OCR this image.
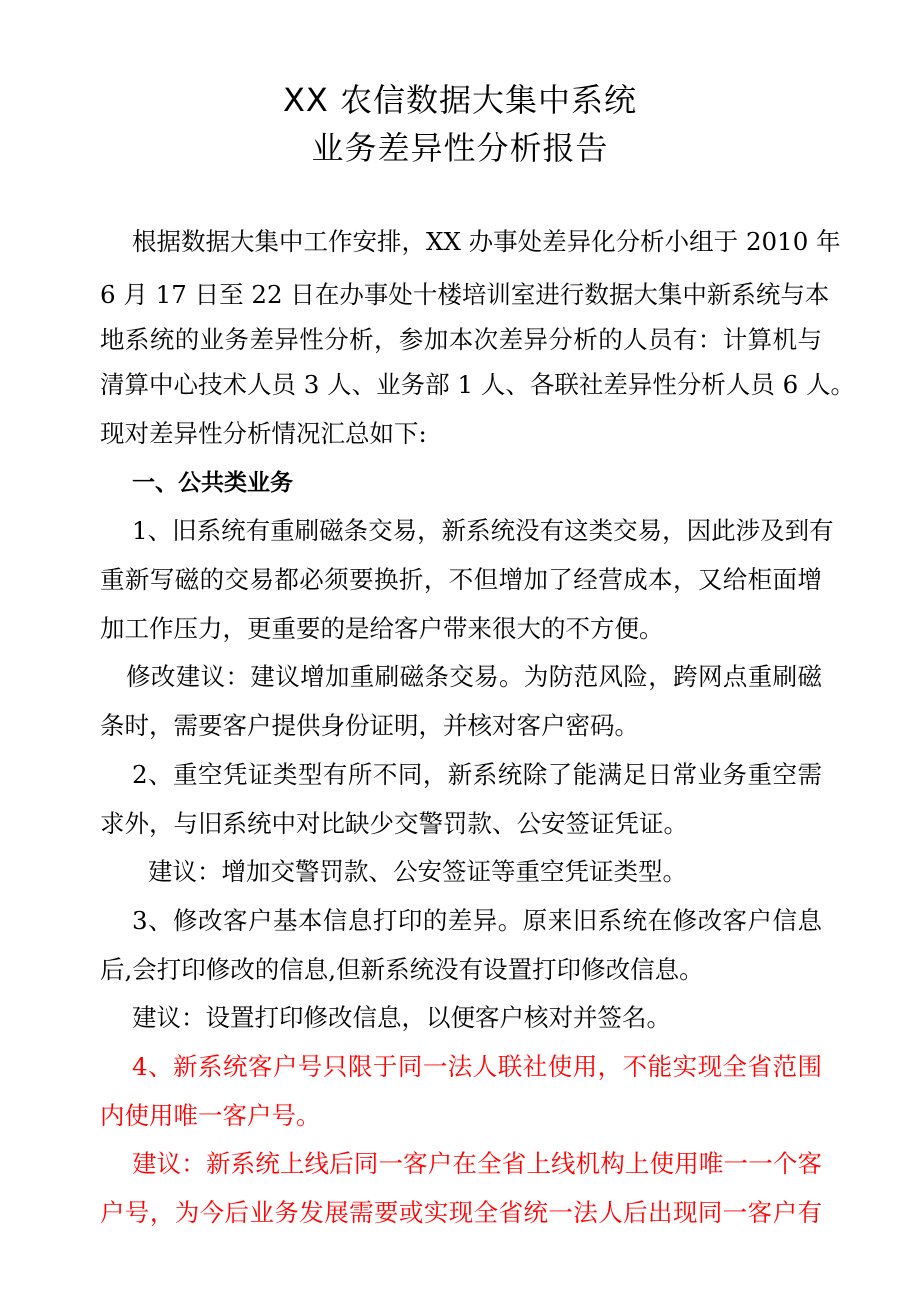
XX 农信数据大集中系统
业务差异性分析报告
根据数据大集中工作安排，XX 办事处差异化分析小组于 2010 年
6 月 17 日至 22 日在办事处十楼培训室进行数据大集中新系统与本
地系统的业务差异性分析，参加本次差异分析的人员有：计算机与
清算中心技术人员 3 人、业务部 1 人、各联社差异性分析人员 6 人。
现对差异性分析情况汇总如下:
一、公共类业务
1、旧系统有重刷磁条交易，新系统没有这类交易，因此涉及到有
重新写磁的交易都必须要换折，不但增加了经营成本，又给柜面增
加工作压力，更重要的是给客户带来很大的不方便。
修改建议：建议增加重刷磁条交易。为防范风险，跨网点重刷磁
条时，需要客户提供身份证明，并核对客户密码。
2、重空凭证类型有所不同，新系统除了能满足日常业务重空需
求外，与旧系统中对比缺少交警罚款、公安签证凭证。
建议：增加交警罚款、公安签证等重空凭证类型。
3、修改客户基本信息打印的差异。原来旧系统在修改客户信息
后,会打印修改的信息,但新系统没有设置打印修改信息。
建议：设置打印修改信息，以便客户核对并签名。
4、新系统客户号只限于同一法人联社使用，不能实现全省范围
内使用唯一客户号。
建议：新系统上线后同一客户在全省上线机构上使用唯一一个客
户号，为今后业务发展需要或实现全省统一法人后出现同一客户有
